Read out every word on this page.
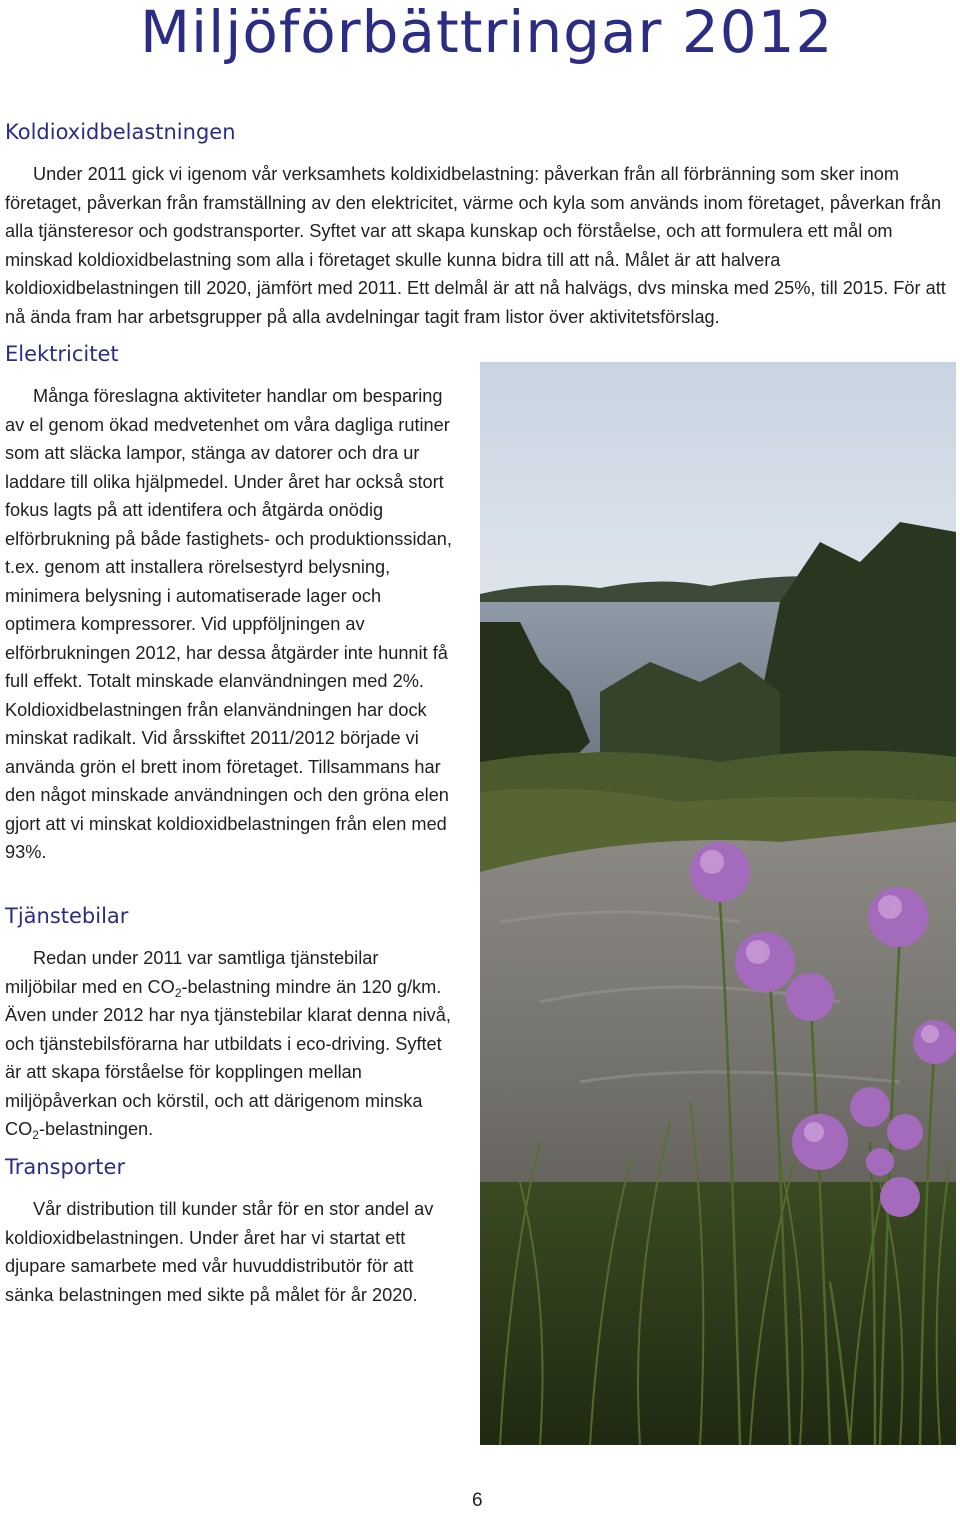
Miljöförbättringar 2012
Koldioxidbelastningen

Under 2011 gick vi igenom vår verksamhets koldixidbelastning: påverkan från all förbränning som sker inom företaget, påverkan från framställning av den elektricitet, värme och kyla som används inom företaget, påverkan från alla tjänsteresor och godstransporter. Syftet var att skapa kunskap och förståelse, och att formulera ett mål om minskad koldioxidbelastning som alla i företaget skulle kunna bidra till att nå. Målet är att halvera koldioxidbelastningen till 2020, jämfört med 2011. Ett delmål är att nå halvägs, dvs minska med 25%, till 2015. För att nå ända fram har arbetsgrupper på alla avdelningar tagit fram listor över aktivitetsförslag.

Elektricitet

Många föreslagna aktiviteter handlar om besparing av el genom ökad medvetenhet om våra dagliga rutiner som att släcka lampor, stänga av datorer och dra ur laddare till olika hjälpmedel. Under året har också stort fokus lagts på att identifera och åtgärda onödig elförbrukning på både fastighets- och produktionssidan, t.ex. genom att installera rörelsestyrd belysning, minimera belysning i automatiserade lager och optimera kompressorer. Vid uppföljningen av elförbrukningen 2012, har dessa åtgärder inte hunnit få full effekt. Totalt minskade elanvändningen med 2%. Koldioxidbelastningen från elanvändningen har dock minskat radikalt. Vid årsskiftet 2011/2012 började vi använda grön el brett inom företaget. Tillsammans har den något minskade användningen och den gröna elen gjort att vi minskat koldioxidbelastningen från elen med 93%.

Tjänstebilar

Redan under 2011 var samtliga tjänstebilar miljöbilar med en $CO_2$-belastning mindre än 120 g/km. Även under 2012 har nya tjänstebilar klarat denna nivå, och tjänstebilsförarna har utbildats i eco-driving. Syftet är att skapa förståelse för kopplingen mellan miljöpåverkan och körstil, och att därigenom minska $CO_2$-belastningen.

Transporter

Vår distribution till kunder står för en stor andel av koldioxidbelastningen. Under året har vi startat ett djupare samarbete med vår huvuddistributör för att sänka belastningen med sikte på målet för år 2020.

6
